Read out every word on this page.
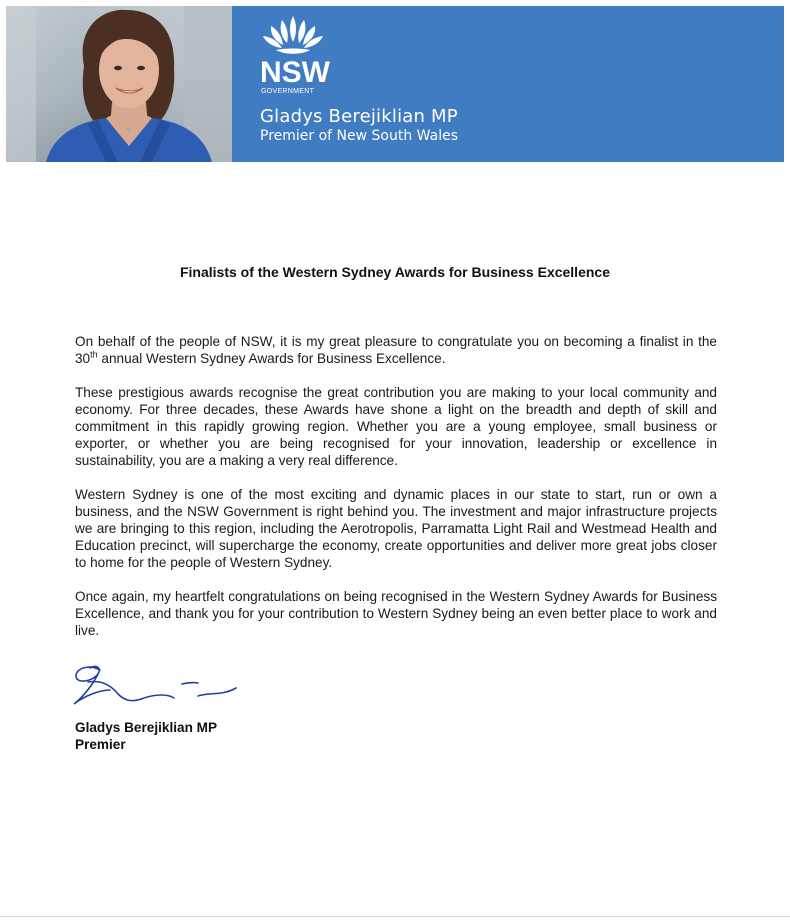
NSW
GOVERNMENT
Gladys Berejiklian MP
Premier of New South Wales
Finalists of the Western Sydney Awards for Business Excellence

On behalf of the people of NSW, it is my great pleasure to congratulate you on becoming a finalist in the 30th annual Western Sydney Awards for Business Excellence.

These prestigious awards recognise the great contribution you are making to your local community and economy. For three decades, these Awards have shone a light on the breadth and depth of skill and commitment in this rapidly growing region. Whether you are a young employee, small business or exporter, or whether you are being recognised for your innovation, leadership or excellence in sustainability, you are a making a very real difference.

Western Sydney is one of the most exciting and dynamic places in our state to start, run or own a business, and the NSW Government is right behind you. The investment and major infrastructure projects we are bringing to this region, including the Aerotropolis, Parramatta Light Rail and Westmead Health and Education precinct, will supercharge the economy, create opportunities and deliver more great jobs closer to home for the people of Western Sydney.

Once again, my heartfelt congratulations on being recognised in the Western Sydney Awards for Business Excellence, and thank you for your contribution to Western Sydney being an even better place to work and live.

Gladys Berejiklian MP
Premier
